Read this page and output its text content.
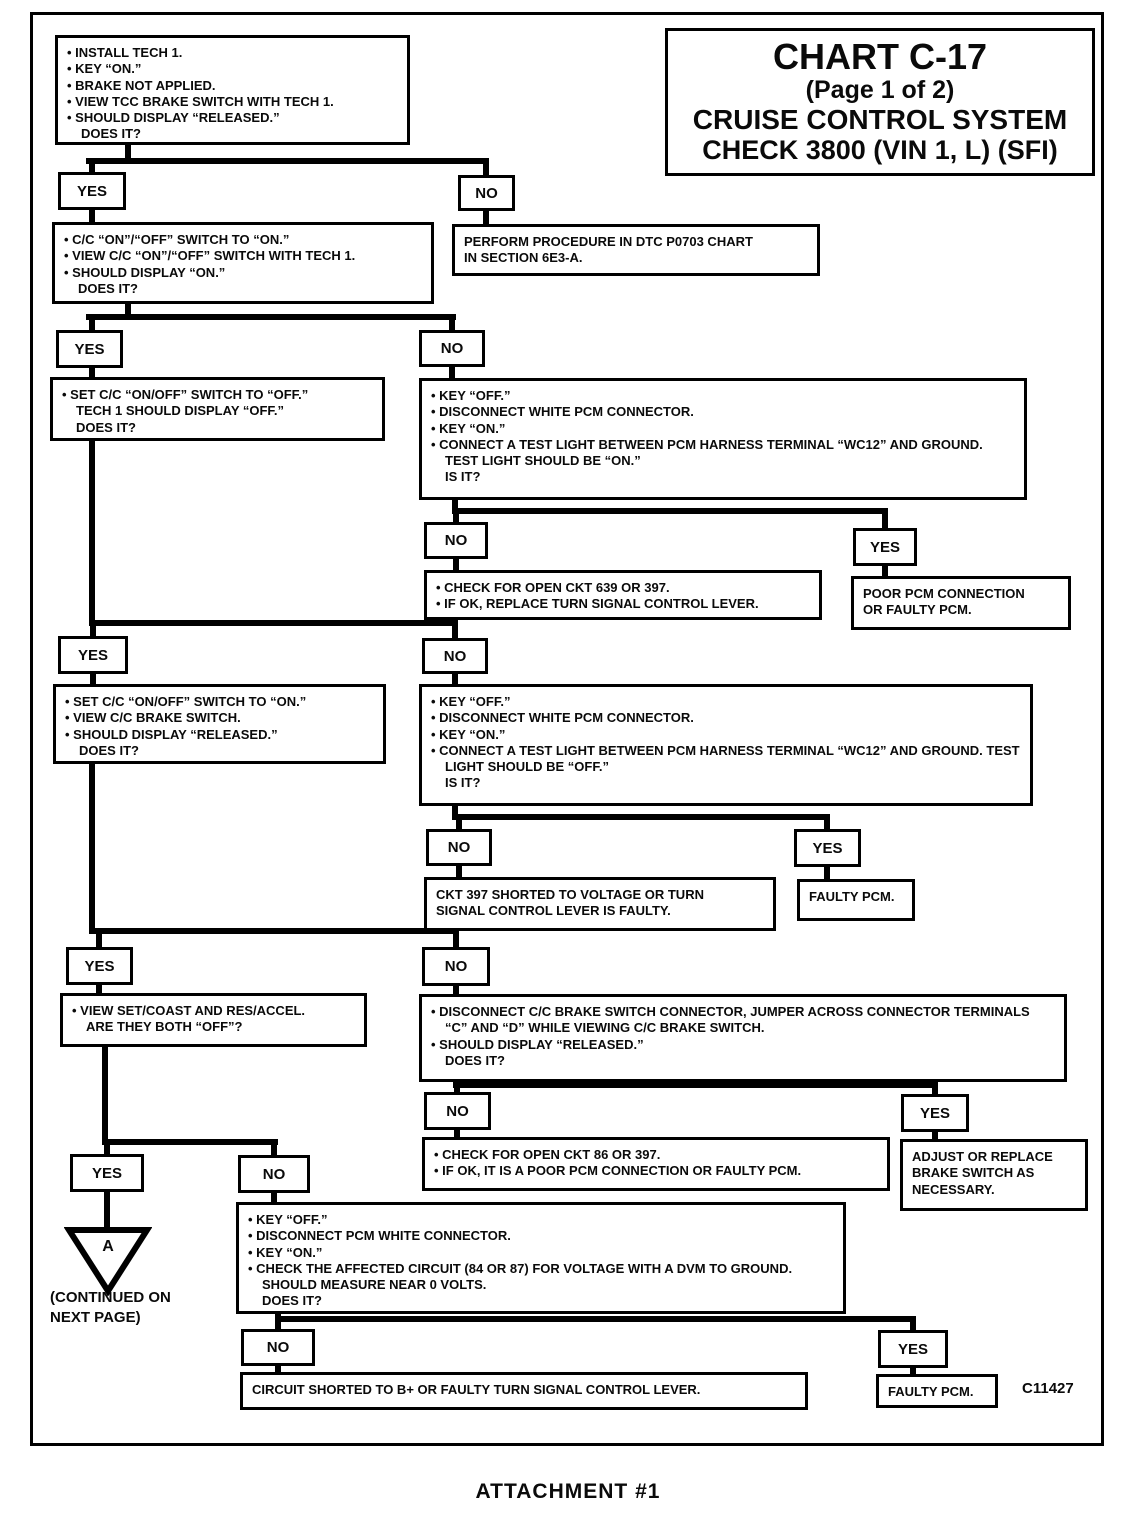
CHART C-17
(Page 1 of 2)
CRUISE CONTROL SYSTEM
CHECK 3800 (VIN 1, L) (SFI)
YES	NO
YES	NO
NO	YES
YES	NO
NO	YES
YES	NO
NO	YES
YES	NO
NO	YES
• INSTALL TECH 1.
• KEY “ON.”
• BRAKE NOT APPLIED.
• VIEW TCC BRAKE SWITCH WITH TECH 1.
• SHOULD DISPLAY “RELEASED.”
DOES IT?
• C/C “ON”/“OFF” SWITCH TO “ON.”
• VIEW C/C “ON”/“OFF” SWITCH WITH TECH 1.
• SHOULD DISPLAY “ON.”
DOES IT?
PERFORM PROCEDURE IN DTC P0703 CHART
IN SECTION 6E3-A.
• SET C/C “ON/OFF” SWITCH TO “OFF.”
TECH 1 SHOULD DISPLAY “OFF.”
DOES IT?
• KEY “OFF.”
• DISCONNECT WHITE PCM CONNECTOR.
• KEY “ON.”
• CONNECT A TEST LIGHT BETWEEN PCM HARNESS TERMINAL “WC12” AND GROUND. TEST LIGHT SHOULD BE “ON.”
IS IT?
• CHECK FOR OPEN CKT 639 OR 397.
• IF OK, REPLACE TURN SIGNAL CONTROL LEVER.
POOR PCM CONNECTION
OR FAULTY PCM.
• SET C/C “ON/OFF” SWITCH TO “ON.”
• VIEW C/C BRAKE SWITCH.
• SHOULD DISPLAY “RELEASED.”
DOES IT?
• KEY “OFF.”
• DISCONNECT WHITE PCM CONNECTOR.
• KEY “ON.”
• CONNECT A TEST LIGHT BETWEEN PCM HARNESS TERMINAL “WC12” AND GROUND. TEST LIGHT SHOULD BE “OFF.”
IS IT?
CKT 397 SHORTED TO VOLTAGE OR TURN
SIGNAL CONTROL LEVER IS FAULTY.
FAULTY PCM.
• VIEW SET/COAST AND RES/ACCEL.
ARE THEY BOTH “OFF”?
• DISCONNECT C/C BRAKE SWITCH CONNECTOR, JUMPER ACROSS CONNECTOR TERMINALS “C” AND “D” WHILE VIEWING C/C BRAKE SWITCH.
• SHOULD DISPLAY “RELEASED.”
DOES IT?
• CHECK FOR OPEN CKT 86 OR 397.
• IF OK, IT IS A POOR PCM CONNECTION OR FAULTY PCM.
ADJUST OR REPLACE
BRAKE SWITCH AS
NECESSARY.
• KEY “OFF.”
• DISCONNECT PCM WHITE CONNECTOR.
• KEY “ON.”
• CHECK THE AFFECTED CIRCUIT (84 OR 87) FOR VOLTAGE WITH A DVM TO GROUND. SHOULD MEASURE NEAR 0 VOLTS.
DOES IT?
CIRCUIT SHORTED TO B+ OR FAULTY TURN SIGNAL CONTROL LEVER.	FAULTY PCM.
A
(CONTINUED ON
NEXT PAGE)
C11427
ATTACHMENT #1
